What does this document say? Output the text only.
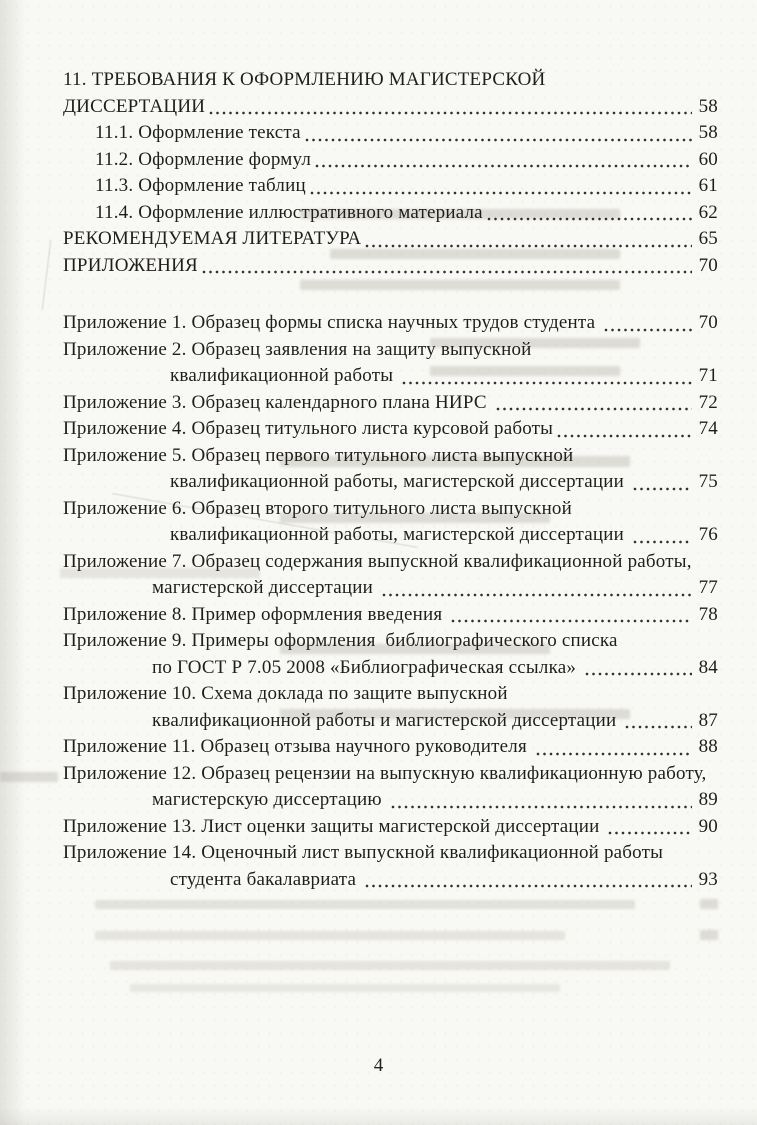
11. ТРЕБОВАНИЯ К ОФОРМЛЕНИЮ МАГИСТЕРСКОЙ
ДИССЕРТАЦИИ	58
11.1. Оформление текста	58
11.2. Оформление формул	60
11.3. Оформление таблиц	61
11.4. Оформление иллюстративного материала	62
РЕКОМЕНДУЕМАЯ ЛИТЕРАТУРА	65
ПРИЛОЖЕНИЯ	70
Приложение 1. Образец формы списка научных трудов студента	70
Приложение 2. Образец заявления на защиту выпускной
квалификационной работы	71
Приложение 3. Образец календарного плана НИРС	72
Приложение 4. Образец титульного листа курсовой работы	74
Приложение 5. Образец первого титульного листа выпускной
квалификационной работы, магистерской диссертации	75
Приложение 6. Образец второго титульного листа выпускной
квалификационной работы, магистерской диссертации	76
Приложение 7. Образец содержания выпускной квалификационной работы,
магистерской диссертации	77
Приложение 8. Пример оформления введения	78
Приложение 9. Примеры оформления  библиографического списка
по ГОСТ Р 7.05 2008 «Библиографическая ссылка»	84
Приложение 10. Схема доклада по защите выпускной
квалификационной работы и магистерской диссертации	87
Приложение 11. Образец отзыва научного руководителя	88
Приложение 12. Образец рецензии на выпускную квалификационную работу,
магистерскую диссертацию	89
Приложение 13. Лист оценки защиты магистерской диссертации	90
Приложение 14. Оценочный лист выпускной квалификационной работы
студента бакалавриата	93
4
